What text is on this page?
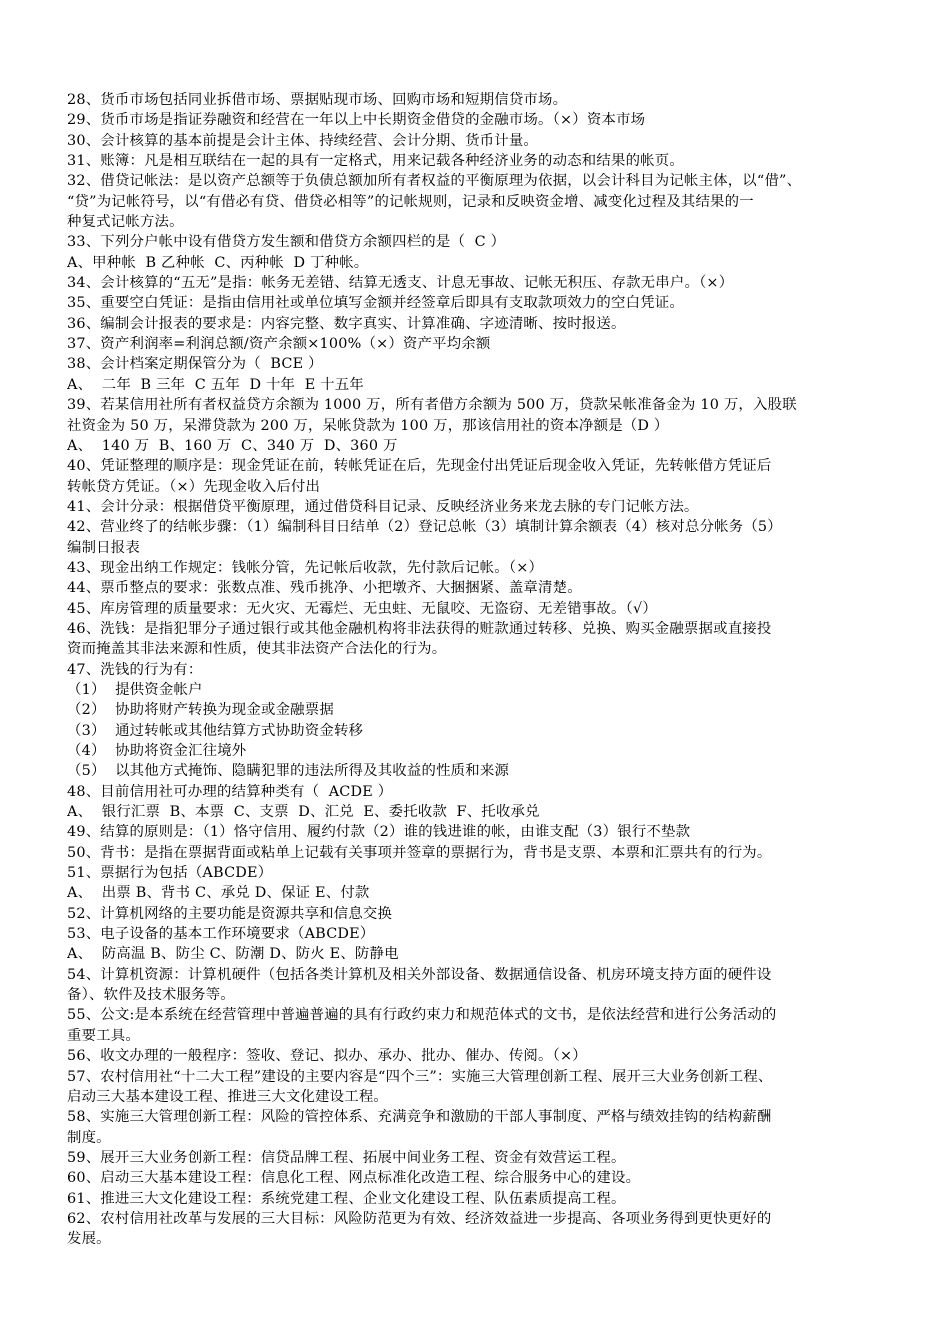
28、货币市场包括同业拆借市场、票据贴现市场、回购市场和短期信贷市场。
29、货币市场是指证券融资和经营在一年以上中长期资金借贷的金融市场。（×）资本市场
30、会计核算的基本前提是会计主体、持续经营、会计分期、货币计量。
31、账簿：凡是相互联结在一起的具有一定格式，用来记载各种经济业务的动态和结果的帐页。
32、借贷记帐法：是以资产总额等于负债总额加所有者权益的平衡原理为依据，以会计科目为记帐主体，以“借”、
“贷”为记帐符号，以“有借必有贷、借贷必相等”的记帐规则，记录和反映资金增、减变化过程及其结果的一
种复式记帐方法。
33、下列分户帐中设有借贷方发生额和借贷方余额四栏的是（  C ）
A、甲种帐  B 乙种帐  C、丙种帐  D 丁种帐。
34、会计核算的“五无”是指：帐务无差错、结算无透支、计息无事故、记帐无积压、存款无串户。（×）
35、重要空白凭证：是指由信用社或单位填写金额并经签章后即具有支取款项效力的空白凭证。
36、编制会计报表的要求是：内容完整、数字真实、计算准确、字迹清晰、按时报送。
37、资产利润率=利润总额/资产余额×100%（×）资产平均余额
38、会计档案定期保管分为（  BCE ）
A、  二年  B 三年  C 五年  D 十年  E 十五年
39、若某信用社所有者权益贷方余额为 1000 万，所有者借方余额为 500 万，贷款呆帐准备金为 10 万，入股联
社资金为 50 万，呆滞贷款为 200 万，呆帐贷款为 100 万，那该信用社的资本净额是（D ）
A、  140 万  B、160 万  C、340 万  D、360 万
40、凭证整理的顺序是：现金凭证在前，转帐凭证在后，先现金付出凭证后现金收入凭证，先转帐借方凭证后
转帐贷方凭证。（×）先现金收入后付出
41、会计分录：根据借贷平衡原理，通过借贷科目记录、反映经济业务来龙去脉的专门记帐方法。
42、营业终了的结帐步骤：（1）编制科目日结单（2）登记总帐（3）填制计算余额表（4）核对总分帐务（5）
编制日报表
43、现金出纳工作规定：钱帐分管，先记帐后收款，先付款后记帐。（×）
44、票币整点的要求：张数点准、残币挑净、小把墩齐、大捆捆紧、盖章清楚。
45、库房管理的质量要求：无火灾、无霉烂、无虫蛀、无鼠咬、无盗窃、无差错事故。（√）
46、洗钱：是指犯罪分子通过银行或其他金融机构将非法获得的赃款通过转移、兑换、购买金融票据或直接投
资而掩盖其非法来源和性质，使其非法资产合法化的行为。
47、洗钱的行为有：
（1）  提供资金帐户
（2）  协助将财产转换为现金或金融票据
（3）  通过转帐或其他结算方式协助资金转移
（4）  协助将资金汇往境外
（5）  以其他方式掩饰、隐瞒犯罪的违法所得及其收益的性质和来源
48、目前信用社可办理的结算种类有（  ACDE ）
A、  银行汇票  B、本票  C、支票  D、汇兑  E、委托收款  F、托收承兑
49、结算的原则是：（1）恪守信用、履约付款（2）谁的钱进谁的帐，由谁支配（3）银行不垫款
50、背书：是指在票据背面或粘单上记载有关事项并签章的票据行为，背书是支票、本票和汇票共有的行为。
51、票据行为包括（ABCDE）
A、  出票 B、背书 C、承兑 D、保证 E、付款
52、计算机网络的主要功能是资源共享和信息交换
53、电子设备的基本工作环境要求（ABCDE）
A、  防高温 B、防尘 C、防潮 D、防火 E、防静电
54、计算机资源：计算机硬件（包括各类计算机及相关外部设备、数据通信设备、机房环境支持方面的硬件设
备）、软件及技术服务等。
55、公文:是本系统在经营管理中普遍普遍的具有行政约束力和规范体式的文书，是依法经营和进行公务活动的
重要工具。
56、收文办理的一般程序：签收、登记、拟办、承办、批办、催办、传阅。（×）
57、农村信用社“十二大工程”建设的主要内容是“四个三”：实施三大管理创新工程、展开三大业务创新工程、
启动三大基本建设工程、推进三大文化建设工程。
58、实施三大管理创新工程：风险的管控体系、充满竞争和激励的干部人事制度、严格与绩效挂钩的结构薪酬
制度。
59、展开三大业务创新工程：信贷品牌工程、拓展中间业务工程、资金有效营运工程。
60、启动三大基本建设工程：信息化工程、网点标准化改造工程、综合服务中心的建设。
61、推进三大文化建设工程：系统党建工程、企业文化建设工程、队伍素质提高工程。
62、农村信用社改革与发展的三大目标：风险防范更为有效、经济效益进一步提高、各项业务得到更快更好的
发展。
